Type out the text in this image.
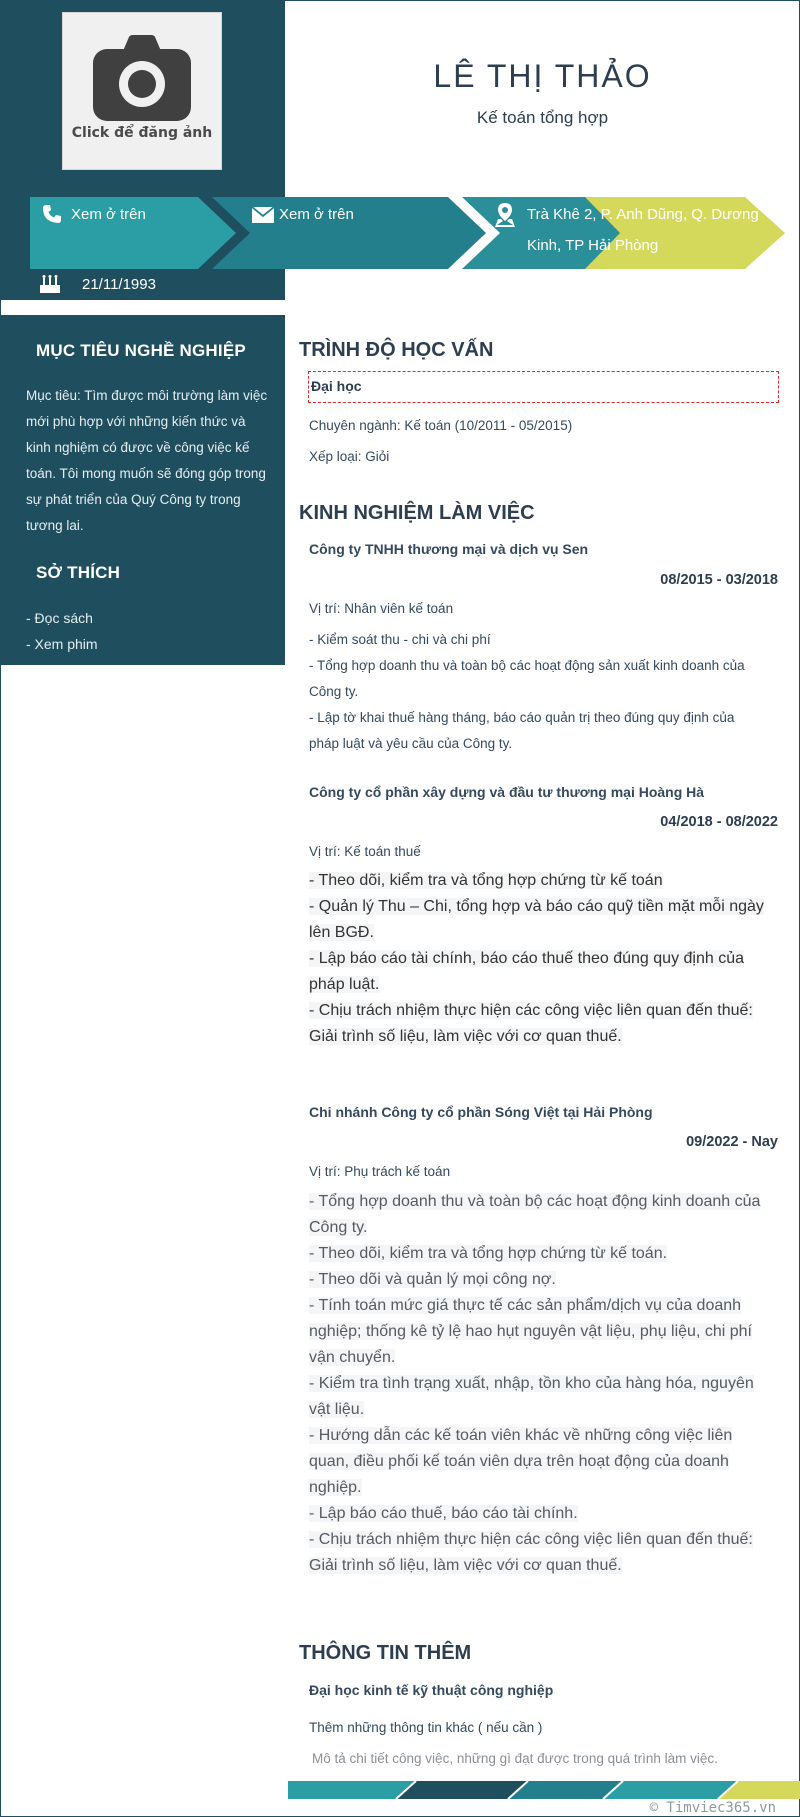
Click để đăng ảnh
LÊ THỊ THẢO
Kế toán tổng hợp
Xem ở trên	Xem ở trên	Trà Khê 2, P. Anh Dũng, Q. Dương
Kinh, TP Hải Phòng
21/11/1993
MỤC TIÊU NGHỀ NGHIỆP
Mục tiêu: Tìm được môi trường làm việc
mới phù hợp với những kiến thức và
kinh nghiệm có được về công việc kế
toán. Tôi mong muốn sẽ đóng góp trong
sự phát triển của Quý Công ty trong
tương lai.
SỞ THÍCH
- Đọc sách
- Xem phim
TRÌNH ĐỘ HỌC VẤN
Đại học
Chuyên ngành: Kế toán (10/2011 - 05/2015)
Xếp loại: Giỏi
KINH NGHIỆM LÀM VIỆC
Công ty TNHH thương mại và dịch vụ Sen
08/2015 - 03/2018
Vị trí: Nhân viên kế toán
- Kiểm soát thu - chi và chi phí
- Tổng hợp doanh thu và toàn bộ các hoạt động sản xuất kinh doanh của
Công ty.
- Lập tờ khai thuế hàng tháng, báo cáo quản trị theo đúng quy định của
pháp luật và yêu cầu của Công ty.
Công ty cổ phần xây dựng và đầu tư thương mại Hoàng Hà
04/2018 - 08/2022
Vị trí: Kế toán thuế
- Theo dõi, kiểm tra và tổng hợp chứng từ kế toán
- Quản lý Thu – Chi, tổng hợp và báo cáo quỹ tiền mặt mỗi ngày
lên BGĐ.
- Lập báo cáo tài chính, báo cáo thuế theo đúng quy định của
pháp luật.
- Chịu trách nhiệm thực hiện các công việc liên quan đến thuế:
Giải trình số liệu, làm việc với cơ quan thuế.
Chi nhánh Công ty cổ phần Sóng Việt tại Hải Phòng
09/2022 - Nay
Vị trí: Phụ trách kế toán
- Tổng hợp doanh thu và toàn bộ các hoạt động kinh doanh của
Công ty.
- Theo dõi, kiểm tra và tổng hợp chứng từ kế toán.
- Theo dõi và quản lý mọi công nợ.
- Tính toán mức giá thực tế các sản phẩm/dịch vụ của doanh
nghiệp; thống kê tỷ lệ hao hụt nguyên vật liệu, phụ liệu, chi phí
vận chuyển.
- Kiểm tra tình trạng xuất, nhập, tồn kho của hàng hóa, nguyên
vật liệu.
- Hướng dẫn các kế toán viên khác về những công việc liên
quan, điều phối kế toán viên dựa trên hoạt động của doanh
nghiệp.
- Lập báo cáo thuế, báo cáo tài chính.
- Chịu trách nhiệm thực hiện các công việc liên quan đến thuế:
Giải trình số liệu, làm việc với cơ quan thuế.
THÔNG TIN THÊM
Đại học kinh tế kỹ thuật công nghiệp
Thêm những thông tin khác ( nếu cần )
Mô tả chi tiết công việc, những gì đạt được trong quá trình làm việc.
© Timviec365.vn
